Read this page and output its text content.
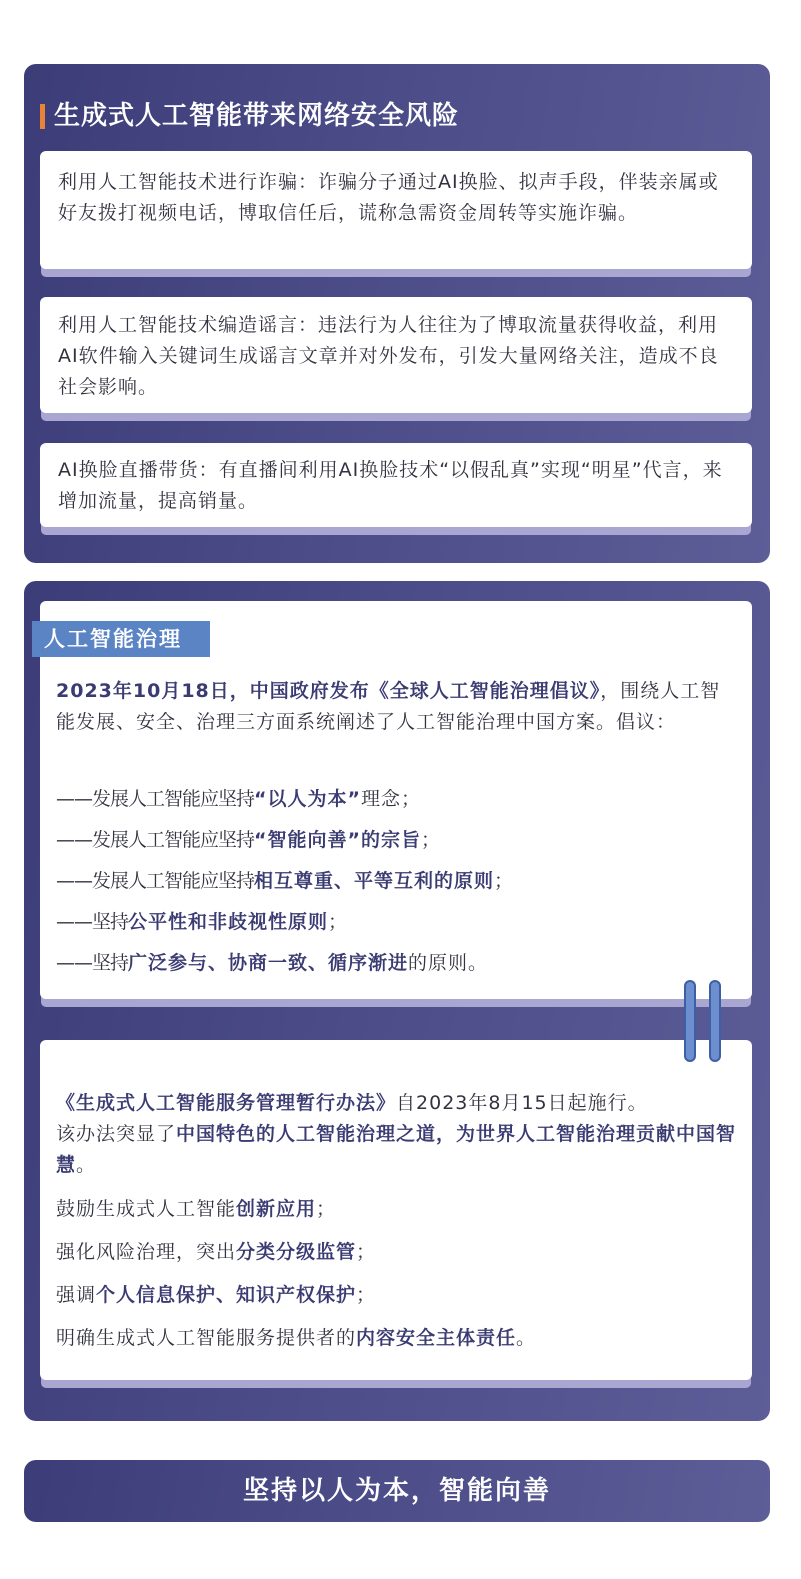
生成式人工智能带来网络安全风险

利用人工智能技术进行诈骗：诈骗分子通过AI换脸、拟声手段，伴装亲属或好友拨打视频电话，博取信任后，谎称急需资金周转等实施诈骗。

利用人工智能技术编造谣言：违法行为人往往为了博取流量获得收益，利用AI软件输入关键词生成谣言文章并对外发布，引发大量网络关注，造成不良社会影响。

AI换脸直播带货：有直播间利用AI换脸技术“以假乱真”实现“明星”代言，来增加流量，提高销量。

人工智能治理

2023年10月18日，中国政府发布《全球人工智能治理倡议》，围绕人工智能发展、安全、治理三方面系统阐述了人工智能治理中国方案。倡议：

——发展人工智能应坚持“以人为本”理念；

——发展人工智能应坚持“智能向善”的宗旨；

——发展人工智能应坚持相互尊重、平等互利的原则；

——坚持公平性和非歧视性原则；

——坚持广泛参与、协商一致、循序渐进的原则。

《生成式人工智能服务管理暂行办法》自2023年8月15日起施行。

该办法突显了中国特色的人工智能治理之道，为世界人工智能治理贡献中国智慧。

鼓励生成式人工智能创新应用；

强化风险治理，突出分类分级监管；

强调个人信息保护、知识产权保护；

明确生成式人工智能服务提供者的内容安全主体责任。

坚持以人为本，智能向善
